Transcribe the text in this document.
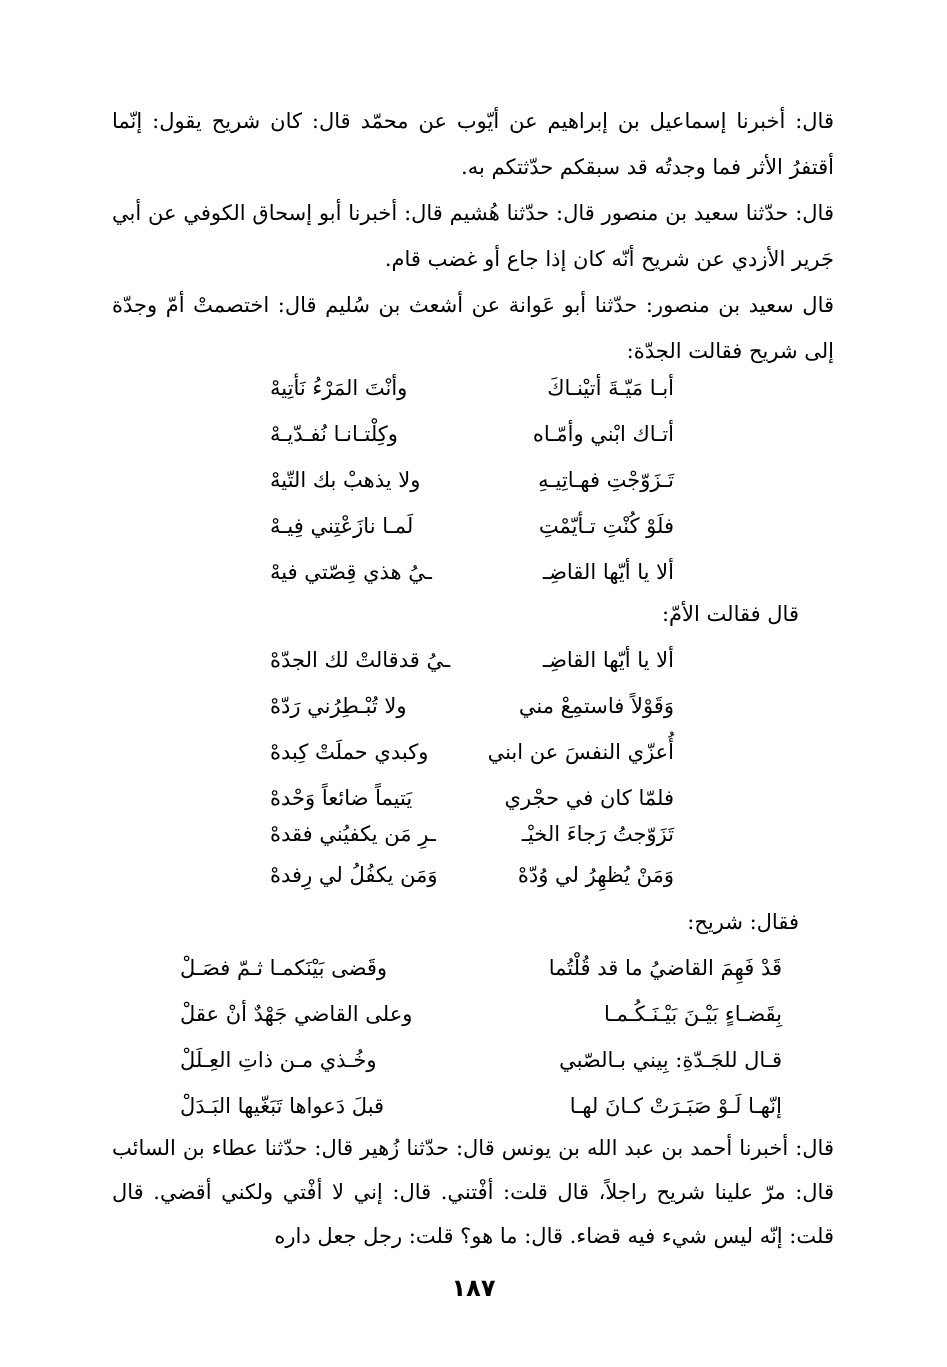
قال: أخبرنا إسماعيل بن إبراهيم عن أيّوب عن محمّد قال: كان شريح يقول: إنّما أقتفرُ الأثر فما وجدتُه قد سبقكم حدّثتكم به.

قال: حدّثنا سعيد بن منصور قال: حدّثنا هُشيم قال: أخبرنا أبو إسحاق الكوفي عن أبي جَرير الأزدي عن شريح أنّه كان إذا جاع أو غضب قام.

قال سعيد بن منصور: حدّثنا أبو عَوانة عن أشعث بن سُليم قال: اختصمتْ أمّ وجدّة إلى شريح فقالت الجدّة:

أبـا مَيّـةَ أتيْنـاكَ
وأنْتَ المَرْءُ نَأتِيهْ
أتـاك ابْني وأمّـاه
وكِلْتـانـا نُفـدّيـهْ
تَـزَوّجْتِ فهـاتِيـهِ
ولا يذهبْ بك التّيهْ
فلَوْ كُنْتِ تـأيّمْتِ
لَمـا نازَعْتِني فِيـهْ
ألا يا أيّها القاضِـ
ـيُ هذي قِصّتي فيهْ

قال فقالت الأمّ:

ألا يا أيّها القاضِـ
ـيُ قدقالتْ لك الجدّهْ
وَقَوْلاً فاستمِعْ مني
ولا تُبْـطِرُني رَدّهْ
أُعزّي النفسَ عن ابني
وكبدي حملَتْ كِبدهْ
فلمّا كان في حجْري
يَتيماً ضائعاً وَحْدهْ
تَزَوّجتُ رَجاءَ الخيْـ
ـرِ مَن يكفيُني فقدهْ
وَمَنْ يُظهِرُ لي وُدّهْ
وَمَن يكفُلُ لي رِفدهْ

فقال: شريح:

قَدْ فَهِمَ القاضيُ ما قد قُلْتُما
وقَضى بَيْنَكمـا ثـمّ فصَـلْ
بِقَضـاءٍ بَيْـنَ بَيْـنَـكُـمـا
وعلى القاضي جَهْدٌ أنْ عقلْ
قـال للجَـدّةِ: بِيني بـالصّبي
وخُـذي مـن ذاتِ العِـلَلْ
إنّهـا لَـوْ صَبَـرَتْ كـانَ لهـا
قبلَ دَعواها تَبَغّيها البَـدَلْ

قال: أخبرنا أحمد بن عبد الله بن يونس قال: حدّثنا زُهير قال: حدّثنا عطاء بن السائب قال: مرّ علينا شريح راجلاً، قال قلت: أفْتني. قال: إني لا أفْتي ولكني أقضي. قال قلت: إنّه ليس شيء فيه قضاء. قال: ما هو؟ قلت: رجل جعل داره

١٨٧
